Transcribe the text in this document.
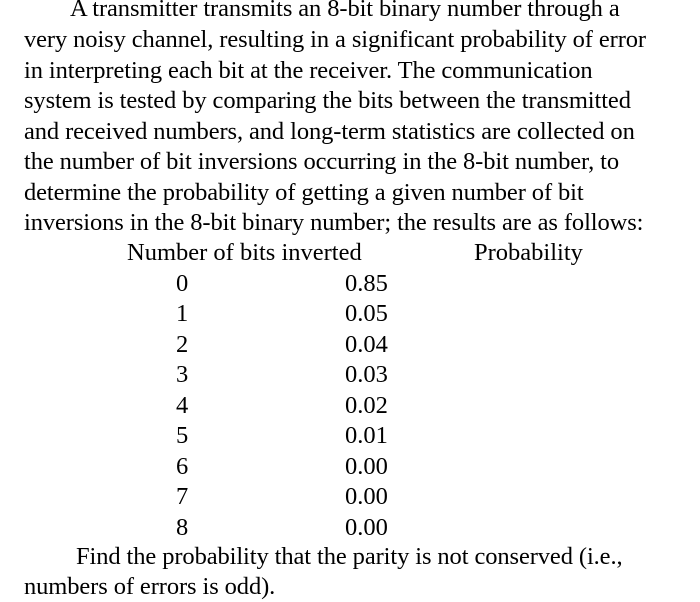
A transmitter transmits an 8-bit binary number through a
very noisy channel, resulting in a significant probability of error
in interpreting each bit at the receiver. The communication
system is tested by comparing the bits between the transmitted
and received numbers, and long-term statistics are collected on
the number of bit inversions occurring in the 8-bit number, to
determine the probability of getting a given number of bit
inversions in the 8-bit binary number; the results are as follows:
Number of bits inverted	Probability
0	0.85
1	0.05
2	0.04
3	0.03
4	0.02
5	0.01
6	0.00
7	0.00
8	0.00
Find the probability that the parity is not conserved (i.e.,
numbers of errors is odd).
